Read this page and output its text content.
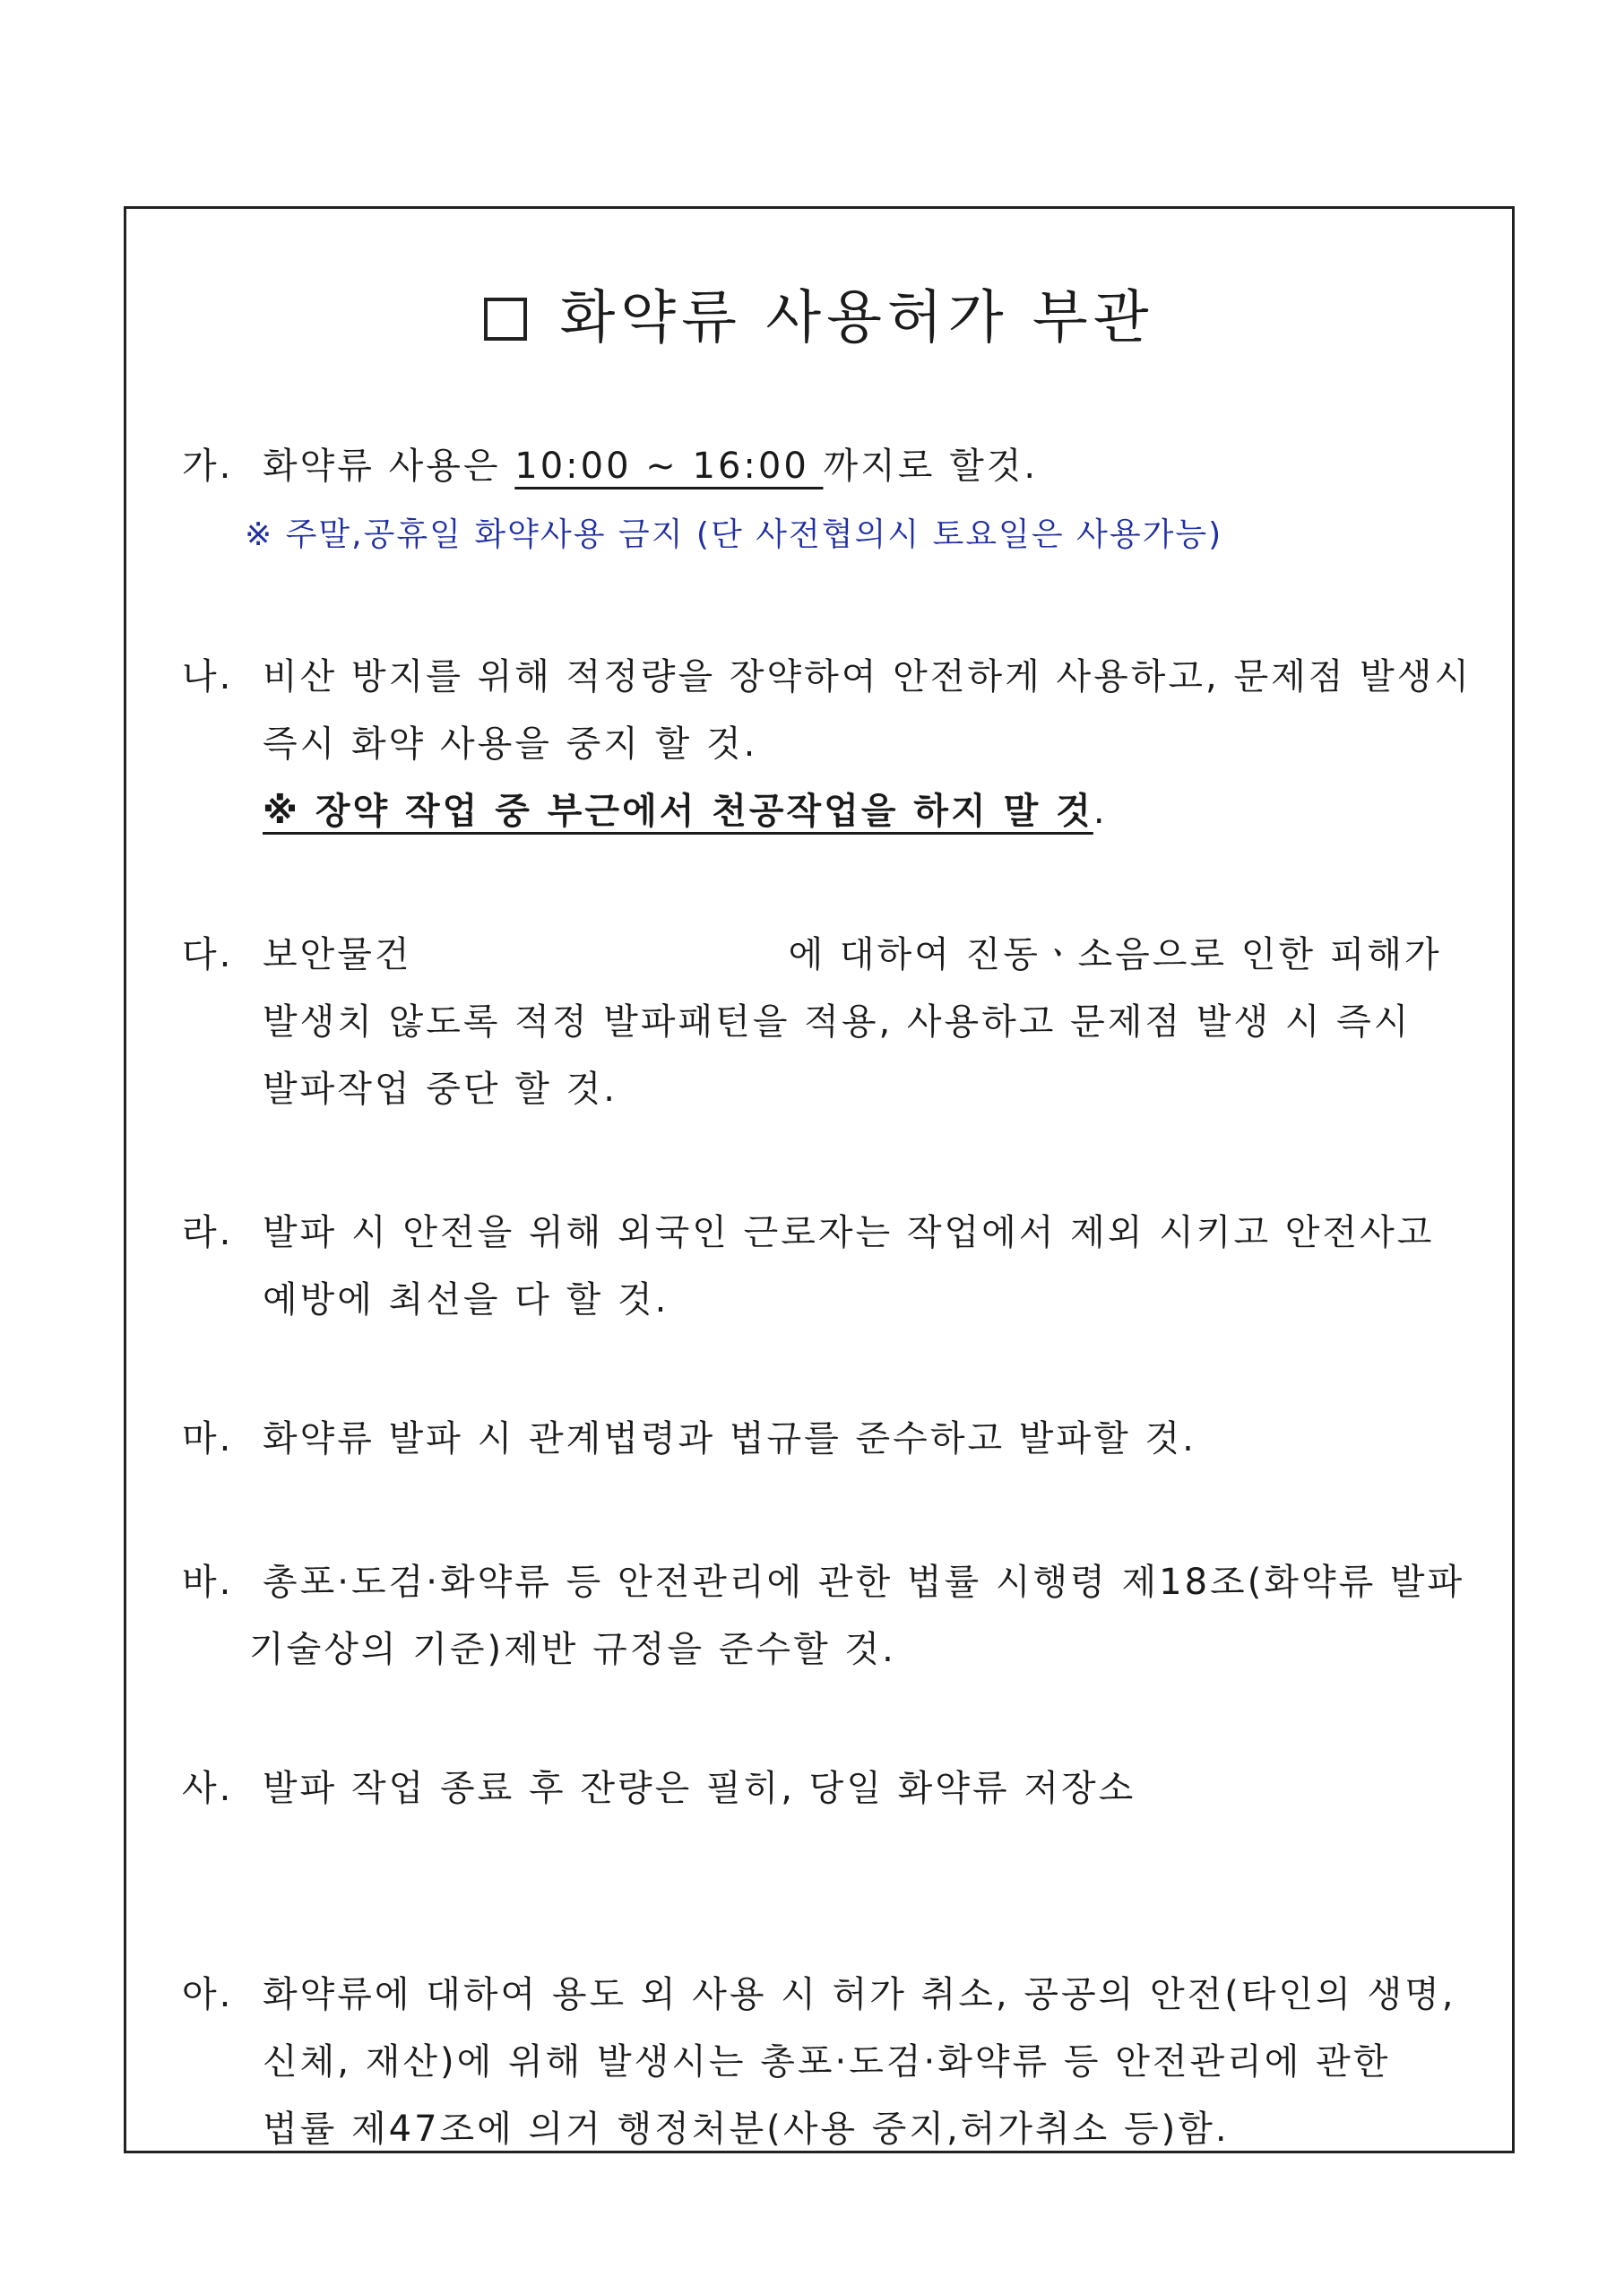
화약류 사용허가 부관
가. 화약류 사용은 10:00 ~ 16:00 까지로 할것.
※ 주말,공휴일 화약사용 금지 (단 사전협의시 토요일은 사용가능)
나. 비산 방지를 위해 적정량을 장약하여 안전하게 사용하고, 문제점 발생시
즉시 화약 사용을 중지 할 것.
※ 장약 작업 중 부근에서 천공작업을 하지 말 것.
다. 보안물건	에 대하여 진동ㆍ소음으로 인한 피해가
발생치 않도록 적정 발파패턴을 적용, 사용하고 문제점 발생 시 즉시
발파작업 중단 할 것.
라. 발파 시 안전을 위해 외국인 근로자는 작업에서 제외 시키고 안전사고
예방에 최선을 다 할 것.
마. 화약류 발파 시 관계법령과 법규를 준수하고 발파할 것.
바. 총포·도검·화약류 등 안전관리에 관한 법률 시행령 제18조(화약류 발파
기술상의 기준)제반 규정을 준수할 것.
사. 발파 작업 종료 후 잔량은 필히, 당일 화약류 저장소
아. 화약류에 대하여 용도 외 사용 시 허가 취소, 공공의 안전(타인의 생명,
신체, 재산)에 위해 발생시는 총포·도검·화약류 등 안전관리에 관한
법률 제47조에 의거 행정처분(사용 중지,허가취소 등)함.
